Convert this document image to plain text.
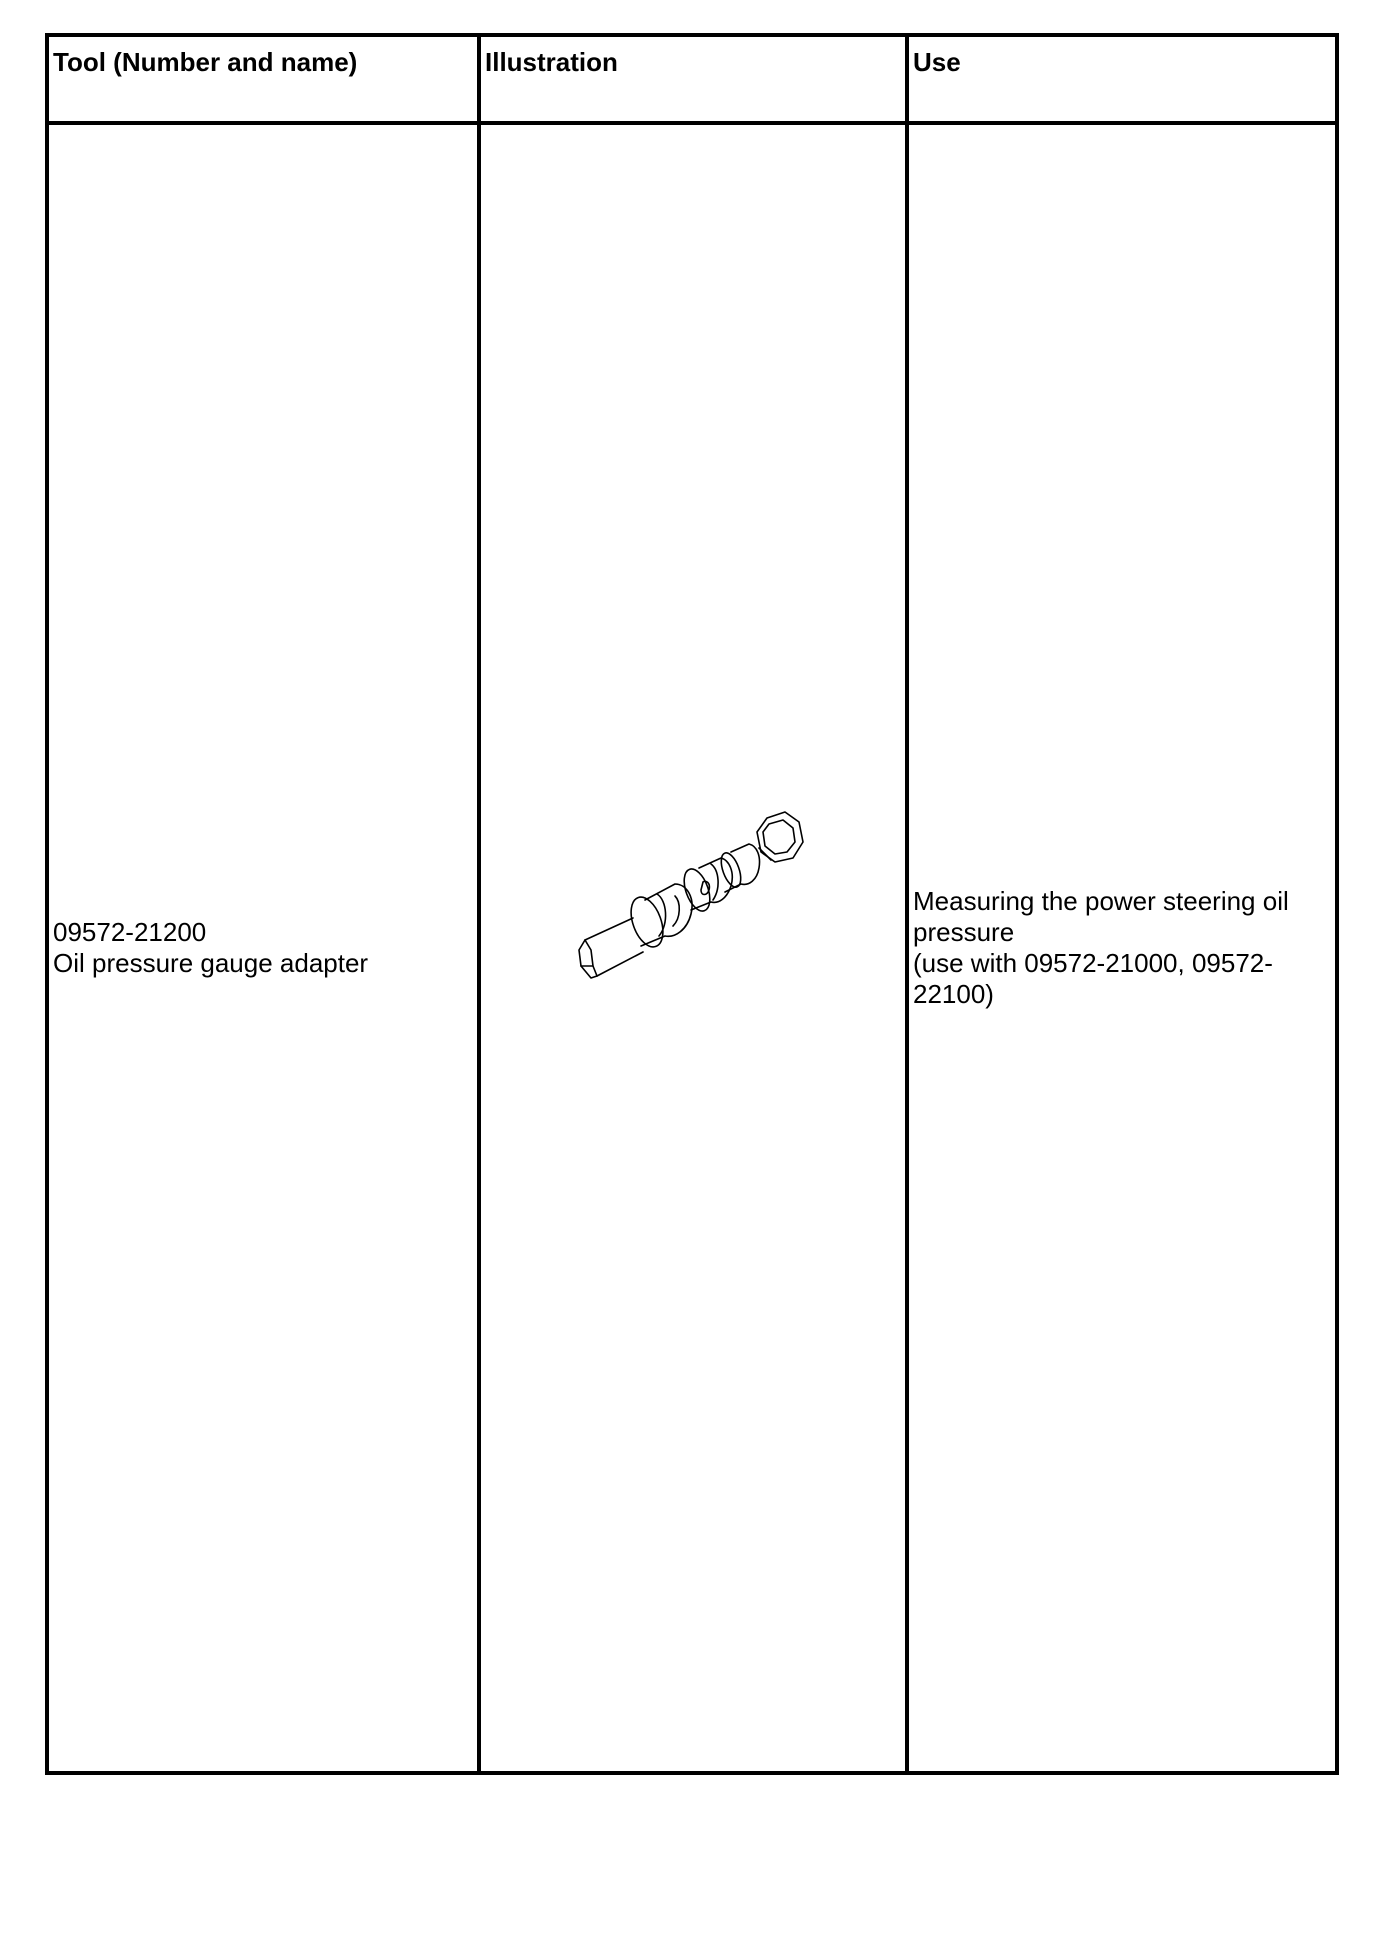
Tool (Number and name)	Illustration	Use

09572-21200
Oil pressure gauge adapter		Measuring the power steering oil
pressure
(use with 09572-21000, 09572-
22100)
